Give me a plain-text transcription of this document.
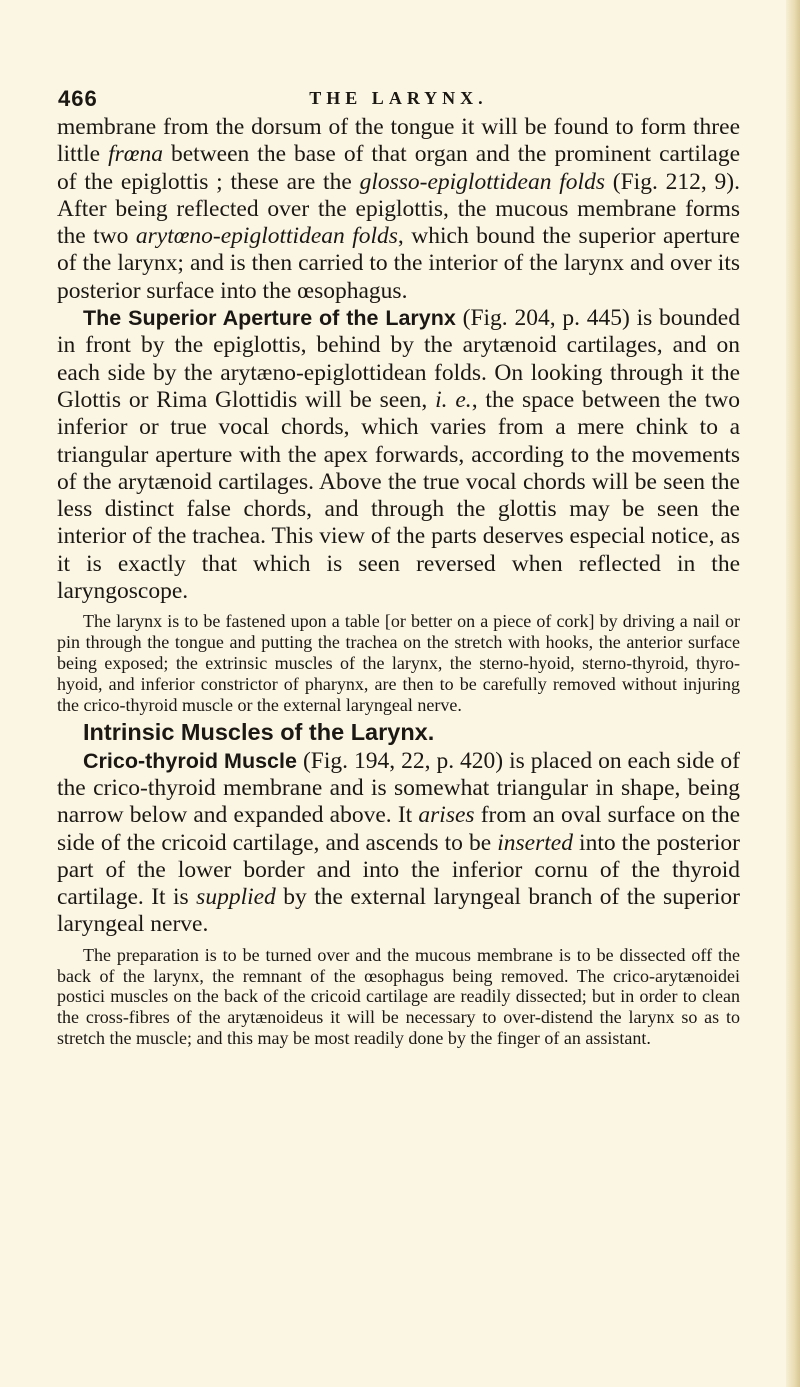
466	THE LARYNX.

membrane from the dorsum of the tongue it will be found to form three little frœna between the base of that organ and the prominent cartilage of the epiglottis ; these are the glosso-epiglottidean folds (Fig. 212, 9). After being reflected over the epiglottis, the mucous membrane forms the two arytœno-epiglottidean folds, which bound the superior aperture of the larynx; and is then carried to the interior of the larynx and over its posterior surface into the œsophagus.

The Superior Aperture of the Larynx (Fig. 204, p. 445) is bounded in front by the epiglottis, behind by the arytænoid cartilages, and on each side by the arytæno-epiglottidean folds. On looking through it the Glottis or Rima Glottidis will be seen, i. e., the space between the two inferior or true vocal chords, which varies from a mere chink to a triangular aperture with the apex forwards, according to the movements of the arytænoid cartilages. Above the true vocal chords will be seen the less distinct false chords, and through the glottis may be seen the interior of the trachea. This view of the parts deserves especial notice, as it is exactly that which is seen reversed when reflected in the laryngoscope.

The larynx is to be fastened upon a table [or better on a piece of cork] by driving a nail or pin through the tongue and putting the trachea on the stretch with hooks, the anterior surface being exposed; the extrinsic muscles of the larynx, the sterno-hyoid, sterno-thyroid, thyro-hyoid, and inferior constrictor of pharynx, are then to be carefully removed without injuring the crico-thyroid muscle or the external laryngeal nerve.

Intrinsic Muscles of the Larynx.

Crico-thyroid Muscle (Fig. 194, 22, p. 420) is placed on each side of the crico-thyroid membrane and is somewhat triangular in shape, being narrow below and expanded above. It arises from an oval surface on the side of the cricoid cartilage, and ascends to be inserted into the posterior part of the lower border and into the inferior cornu of the thyroid cartilage. It is supplied by the external laryngeal branch of the superior laryngeal nerve.

The preparation is to be turned over and the mucous membrane is to be dissected off the back of the larynx, the remnant of the œsophagus being removed. The crico-arytænoidei postici muscles on the back of the cricoid cartilage are readily dissected; but in order to clean the cross-fibres of the arytænoideus it will be necessary to over-distend the larynx so as to stretch the muscle; and this may be most readily done by the finger of an assistant.
